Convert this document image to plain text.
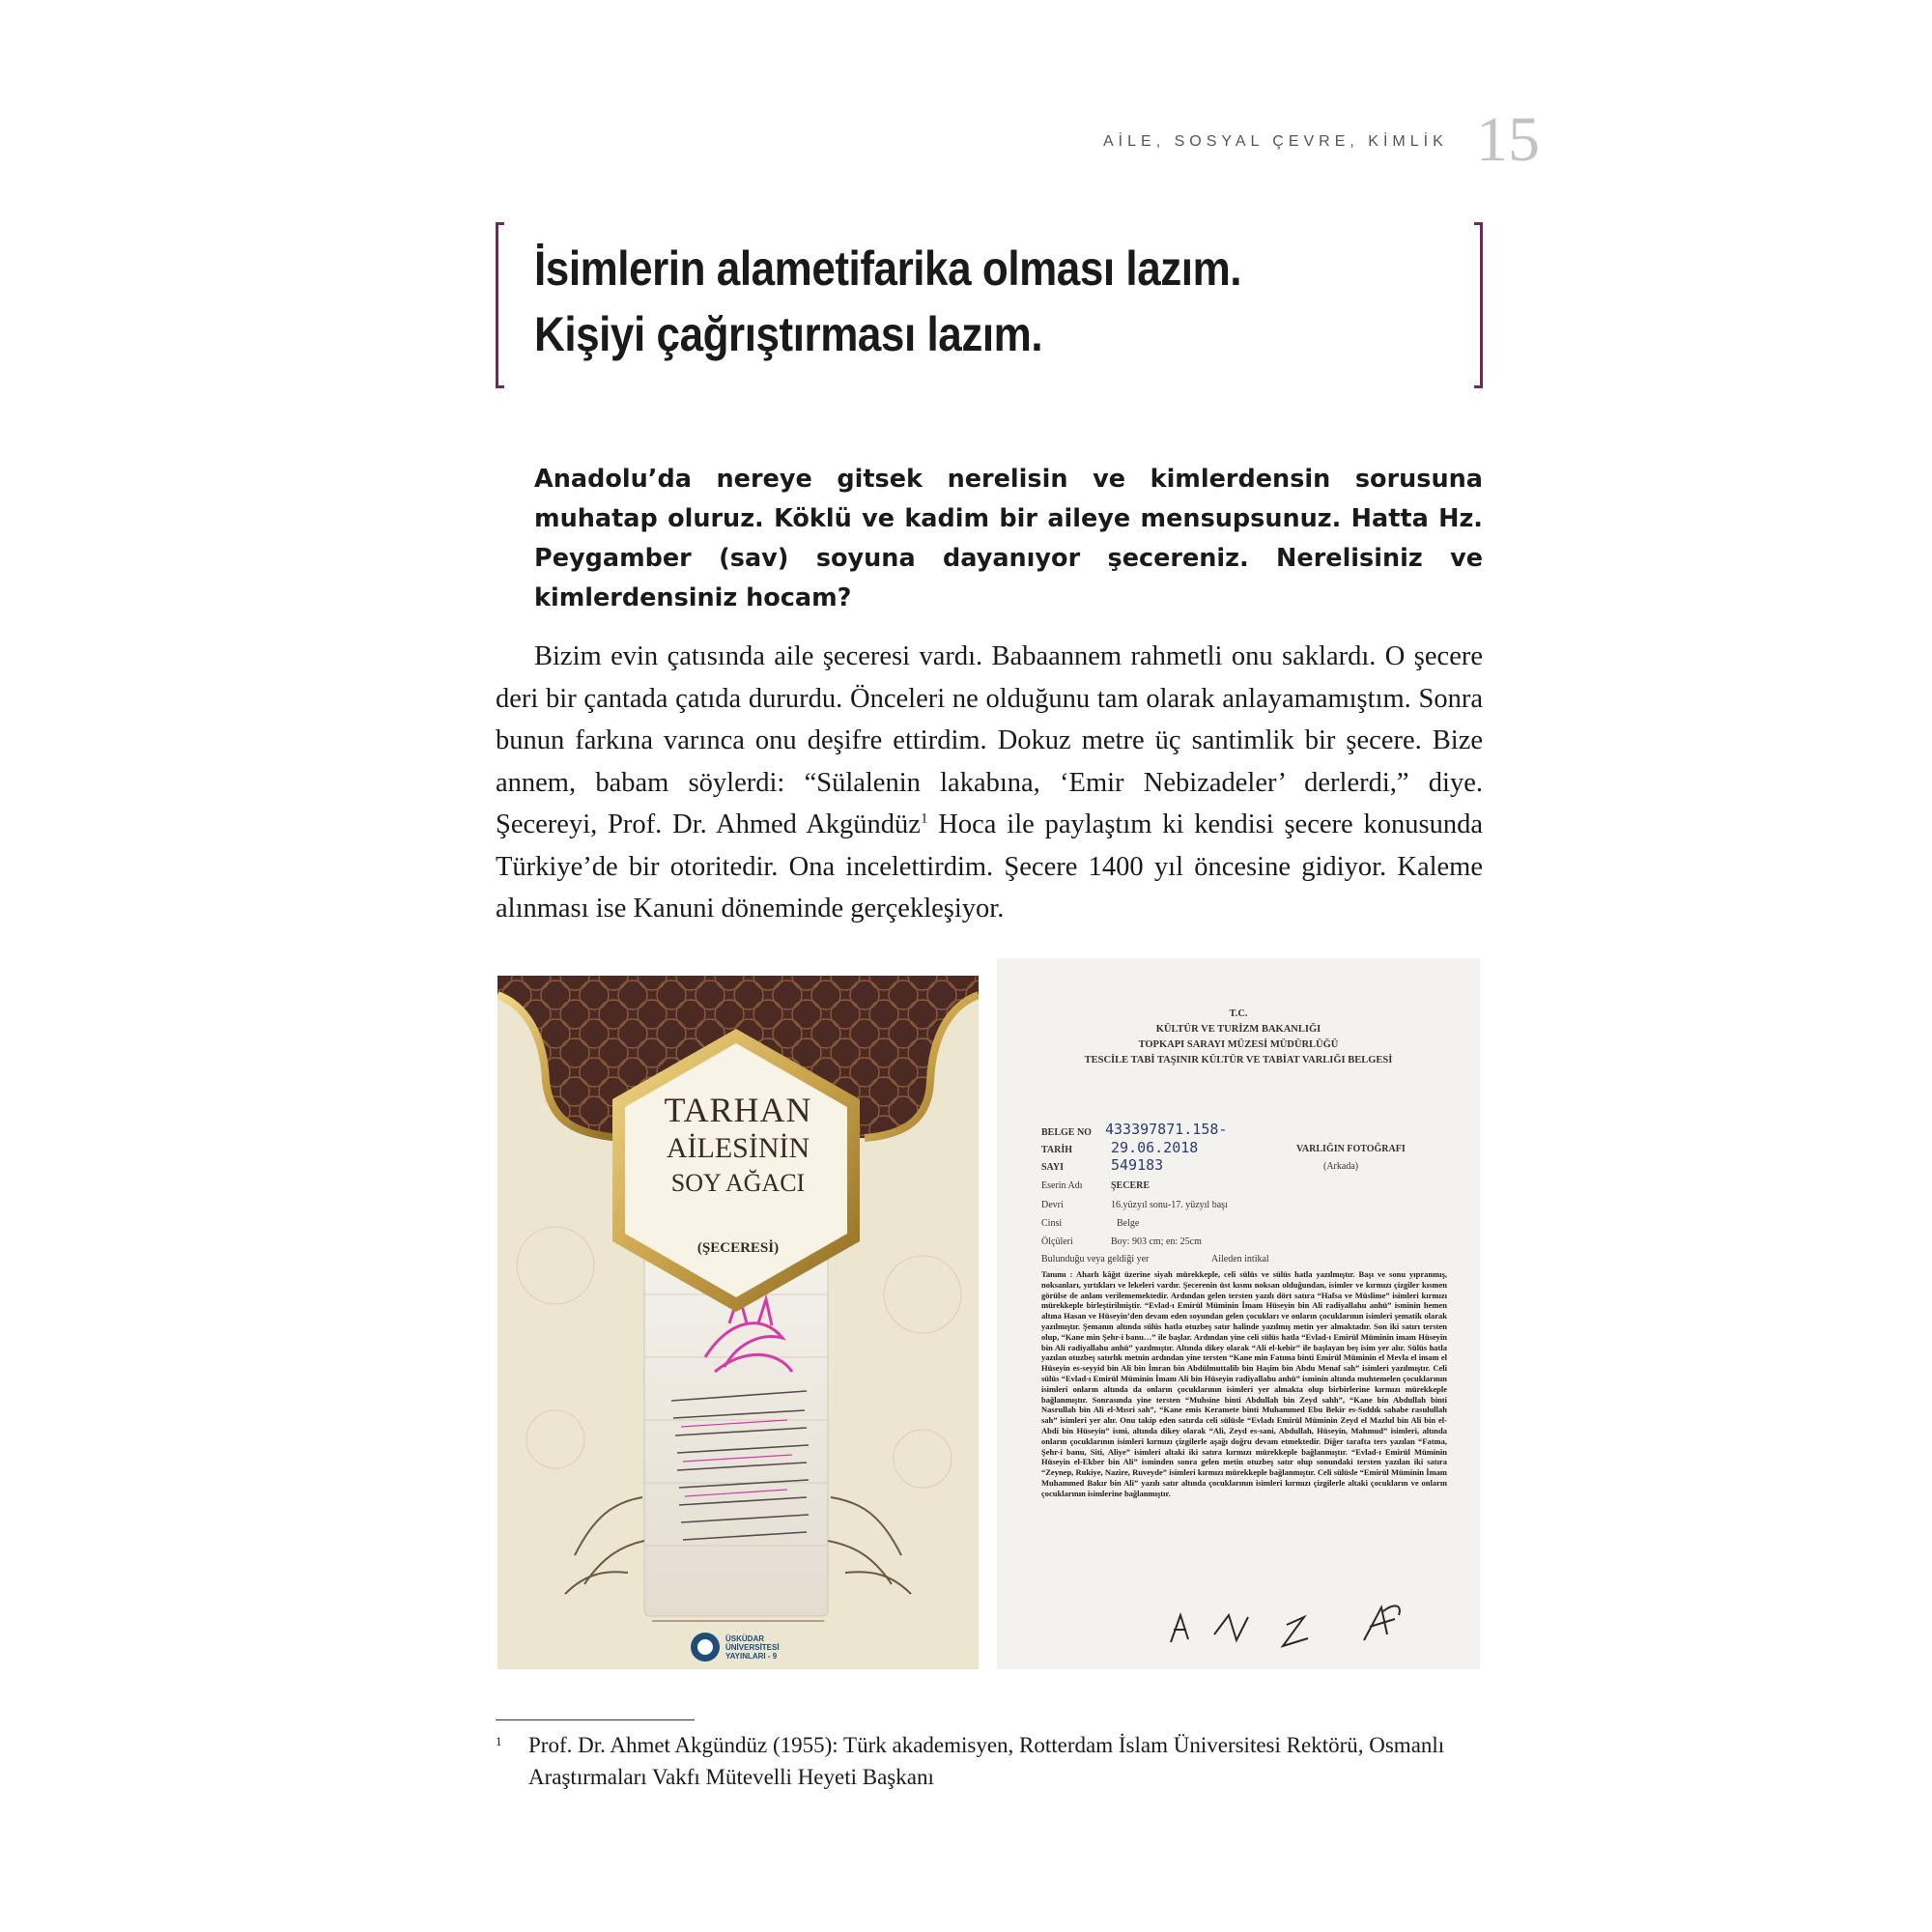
AİLE, SOSYAL ÇEVRE, KİMLİK 15
İsimlerin alametifarika olması lazım. Kişiyi çağrıştırması lazım.
Anadolu’da nereye gitsek nerelisin ve kimlerdensin sorusuna muhatap oluruz. Köklü ve kadim bir aileye mensupsunuz. Hatta Hz. Peygamber (sav) soyuna dayanıyor şecereniz. Nerelisiniz ve kimlerdensiniz hocam?

Bizim evin çatısında aile şeceresi vardı. Babaannem rahmetli onu saklardı. O şecere deri bir çantada çatıda dururdu. Önceleri ne olduğunu tam olarak anlayamamıştım. Sonra bunun farkına varınca onu deşifre ettirdim. Dokuz metre üç santimlik bir şecere. Bize annem, babam söylerdi: “Sülalenin lakabına, ‘Emir Nebizadeler’ derlerdi,” diye. Şecereyi, Prof. Dr. Ahmed Akgündüz$^1$ Hoca ile paylaştım ki kendisi şecere konusunda Türkiye’de bir otoritedir. Ona incelettirdim. Şecere 1400 yıl öncesine gidiyor. Kaleme alınması ise Kanuni döneminde gerçekleşiyor.

TARHAN
AİLESİNİN
SOY AĞACI
(ŞECERESİ)
ÜSKÜDAR
ÜNİVERSİTESİ
YAYINLARI - 9
T.C.
KÜLTÜR VE TURİZM BAKANLIĞI
TOPKAPI SARAYI MÜZESİ MÜDÜRLÜĞÜ
TESCİLE TABİ TAŞINIR KÜLTÜR VE TABİAT VARLIĞI BELGESİ
BELGE NO 433397871.158-
TARİH	29.06.2018
SAYI	549183
Eserin Adı	ŞECERE
Devri	16.yüzyıl sonu-17. yüzyıl başı
Cinsi	Belge
Ölçüleri	Boy: 903 cm; en: 25cm
Bulunduğu veya geldiği yer	Aileden intikal
VARLIĞIN FOTOĞRAFI
(Arkada)
Tanımı : Aharlı kâğıt üzerine siyah mürekkeple, celi sülüs ve sülüs hatla yazılmıştır. Başı ve sonu yıpranmış, noksanları, yırtıkları ve lekeleri vardır. Şecerenin üst kısmı noksan olduğundan, isimler ve kırmızı çizgiler kısmen görülse de anlam verilememektedir. Ardından gelen tersten yazılı dört satıra “Hafsa ve Müslime” isimleri kırmızı mürekkeple birleştirilmiştir. “Evlad-ı Emirül Müminin İmam Hüseyin bin Ali radiyallahu anhü” isminin hemen altına Hasan ve Hüseyin’den devam eden soyundan gelen çocukları ve onların çocuklarının isimleri şematik olarak yazılmıştır. Şemanın altında sülüs hatla otuzbeş satır halinde yazılmış metin yer almaktadır. Son iki satırı tersten olup, “Kane min Şehr-i banu…” ile başlar. Ardından yine celi sülüs hatla “Evlad-ı Emirül Müminin imam Hüseyin bin Ali radiyallahu anhü” yazılmıştır. Altında dikey olarak “Ali el-kebir” ile başlayan beş isim yer alır. Sülüs hatla yazılan otuzbeş satırlık metnin ardından yine tersten “Kane min Fatıma binti Emirül Müminin el Mevla el imam el Hüseyin es-seyyid bin Ali bin İmran bin Abdülmuttalib bin Haşim bin Abdu Menaf sah” isimleri yazılmıştır. Celi sülüs “Evlad-ı Emirül Müminin İmam Ali bin Hüseyin radiyallahu anhü” isminin altında muhtemelen çocuklarının isimleri onların altında da onların çocuklarının isimleri yer almakta olup birbirlerine kırmızı mürekkeple bağlanmıştır. Sonrasında yine tersten “Muhsine binti Abdullah bin Zeyd sahh”, “Kane bin Abdullah binti Nasrullah bin Ali el-Mısri sah”, “Kane emis Keramete binti Muhammed Ebu Bekir es-Sıddık sahabe rasulullah sah” isimleri yer alır. Onu takip eden satırda celi sülüsle “Evladı Emirül Müminin Zeyd el Mazlul bin Ali bin el-Abdi bin Hüseyin” ismi, altında dikey olarak “Ali, Zeyd es-sani, Abdullah, Hüseyin, Mahmud” isimleri, altında onların çocuklarının isimleri kırmızı çizgilerle aşağı doğru devam etmektedir. Diğer tarafta ters yazılan “Fatma, Şehr-i banu, Siti, Aliye” isimleri altaki iki satıra kırmızı mürekkeple bağlanmıştır. “Evlad-ı Emirül Müminin Hüseyin el-Ekber bin Ali” isminden sonra gelen metin otuzbeş satır olup sonundaki tersten yazılan iki satıra “Zeynep, Rukiye, Nazire, Ruveyde” isimleri kırmızı mürekkeple bağlanmıştır. Celi sülüsle “Emirül Müminin İmam Muhammed Bakır bin Ali” yazılı satır altında çocuklarının isimleri kırmızı çizgilerle altaki çocukların ve onların çocuklarının isimlerine bağlanmıştır.
1 Prof. Dr. Ahmet Akgündüz (1955): Türk akademisyen, Rotterdam İslam Üniversitesi Rektörü, Osmanlı Araştırmaları Vakfı Mütevelli Heyeti Başkanı
